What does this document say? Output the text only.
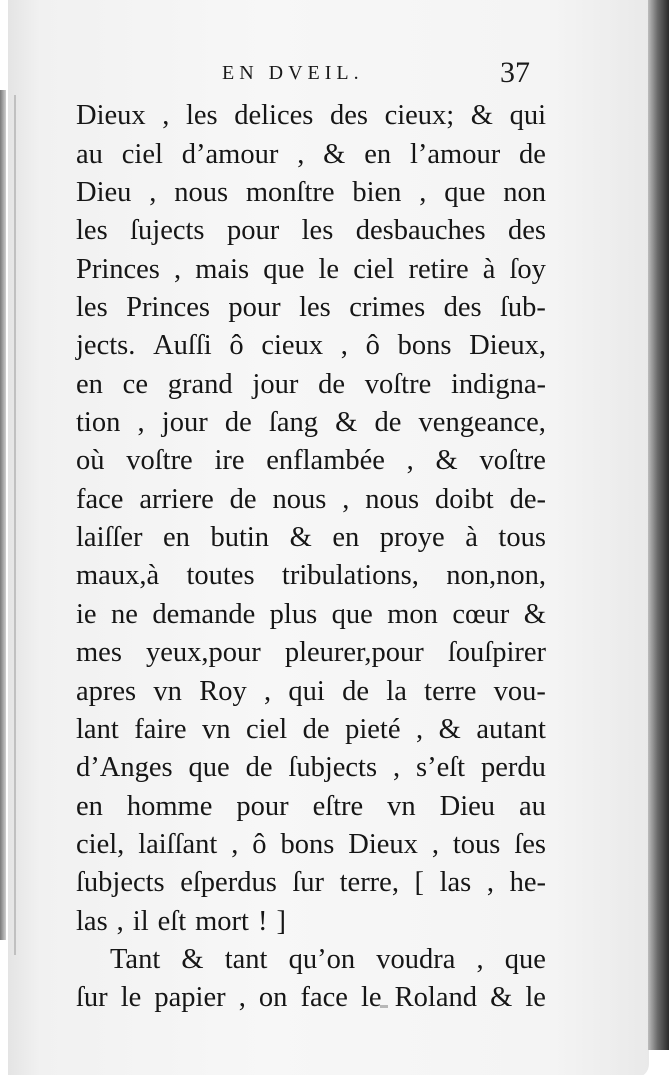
EN DVEIL.	37
Dieux , les delices des cieux; & qui
au ciel d’amour , & en l’amour de
Dieu , nous monſtre bien , que non
les ſujects pour les desbauches des
Princes , mais que le ciel retire à ſoy
les Princes pour les crimes des ſub-
jects. Auſſi ô cieux , ô bons Dieux,
en ce grand jour de voſtre indigna-
tion , jour de ſang & de vengeance,
où voſtre ire enflambée , & voſtre
face arriere de nous , nous doibt de-
laiſſer en butin & en proye à tous
maux,à toutes tribulations, non,non,
ie ne demande plus que mon cœur &
mes yeux,pour pleurer,pour ſouſpirer
apres vn Roy , qui de la terre vou-
lant faire vn ciel de pieté , & autant
d’Anges que de ſubjects , s’eſt perdu
en homme pour eſtre vn Dieu au
ciel, laiſſant , ô bons Dieux , tous ſes
ſubjects eſperdus ſur terre, [ las , he-
las , il eſt mort ! ]
Tant & tant qu’on voudra , que
ſur le papier , on face le Roland & le
